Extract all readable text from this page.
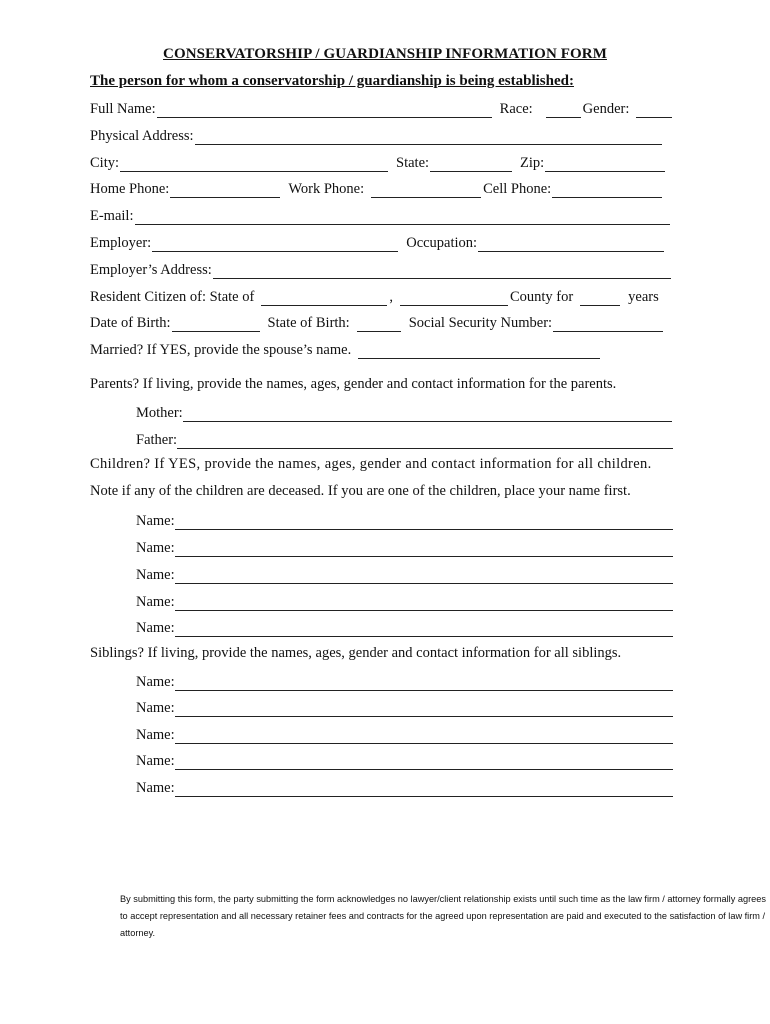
CONSERVATORSHIP / GUARDIANSHIP INFORMATION FORM
The person for whom a conservatorship / guardianship is being established:
Full Name:	Race:	Gender:
Physical Address:
City:	State:	Zip:
Home Phone:	Work Phone:	Cell Phone:
E-mail:
Employer:	Occupation:
Employer’s Address:
Resident Citizen of: State of	,	County for	years
Date of Birth:	State of Birth:	Social Security Number:
Married? If YES, provide the spouse’s name.
Parents? If living, provide the names, ages, gender and contact information for the parents.
Mother:
Father:
Children? If YES, provide the names, ages, gender and contact information for all children.
Note if any of the children are deceased. If you are one of the children, place your name first.
Name:
Name:
Name:
Name:
Name:
Siblings? If living, provide the names, ages, gender and contact information for all siblings.
Name:
Name:
Name:
Name:
Name:
By submitting this form, the party submitting the form acknowledges no lawyer/client relationship exists until such time as the law firm / attorney formally agrees to accept representation and all necessary retainer fees and contracts for the agreed upon representation are paid and executed to the satisfaction of law firm / attorney.
